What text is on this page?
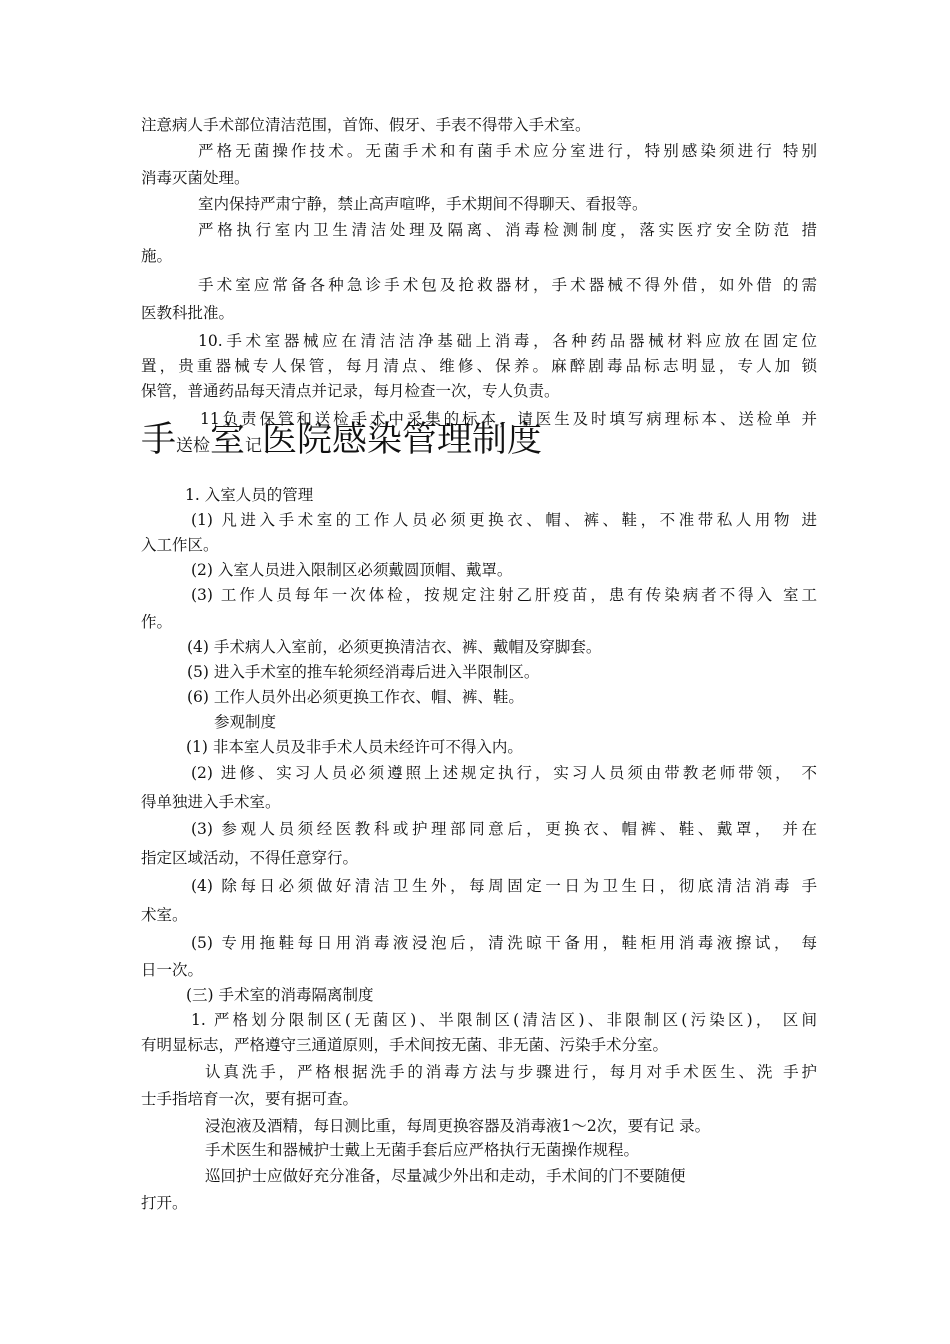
注意病人手术部位清洁范围，首饰、假牙、手表不得带入手术室。
严格无菌操作技术。无菌手术和有菌手术应分室进行，特别感染须进行 特别
消毒灭菌处理。
室内保持严肃宁静，禁止高声喧哗，手术期间不得聊天、看报等。
严格执行室内卫生清洁处理及隔离、消毒检测制度，落实医疗安全防范 措
施。
手术室应常备各种急诊手术包及抢救器材，手术器械不得外借，如外借 的需
医教科批准。
10.手术室器械应在清洁洁净基础上消毒，各种药品器械材料应放在固定位
置，贵重器械专人保管，每月清点、维修、保养。麻醉剧毒品标志明显，专人加 锁
保管，普通药品每天清点并记录，每月检查一次，专人负责。
11负责保管和送检手术中采集的标本，请医生及时填写病理标本、送检单 并
手送检室记医院感染管理制度
1. 入室人员的管理
(1) 凡进入手术室的工作人员必须更换衣、帽、裤、鞋，不准带私人用物 进
入工作区。
(2) 入室人员进入限制区必须戴圆顶帽、戴罩。
(3) 工作人员每年一次体检，按规定注射乙肝疫苗，患有传染病者不得入 室工
作。
(4) 手术病人入室前，必须更换清洁衣、裤、戴帽及穿脚套。
(5) 进入手术室的推车轮须经消毒后进入半限制区。
(6) 工作人员外出必须更换工作衣、帽、裤、鞋。
参观制度
(1) 非本室人员及非手术人员未经许可不得入内。
(2) 进修、实习人员必须遵照上述规定执行，实习人员须由带教老师带领， 不
得单独进入手术室。
(3) 参观人员须经医教科或护理部同意后，更换衣、帽裤、鞋、戴罩， 并在
指定区域活动，不得任意穿行。
(4) 除每日必须做好清洁卫生外，每周固定一日为卫生日，彻底清洁消毒 手
术室。
(5) 专用拖鞋每日用消毒液浸泡后，清洗晾干备用，鞋柜用消毒液擦试， 每
日一次。
(三) 手术室的消毒隔离制度
1. 严格划分限制区(无菌区)、半限制区(清洁区)、非限制区(污染区)， 区间
有明显标志，严格遵守三通道原则，手术间按无菌、非无菌、污染手术分室。
认真洗手，严格根据洗手的消毒方法与步骤进行，每月对手术医生、洗 手护
士手指培育一次，要有据可查。
浸泡液及酒精，每日测比重，每周更换容器及消毒液1〜2次，要有记 录。
手术医生和器械护士戴上无菌手套后应严格执行无菌操作规程。
巡回护士应做好充分准备，尽量减少外出和走动，手术间的门不要随便
打开。
